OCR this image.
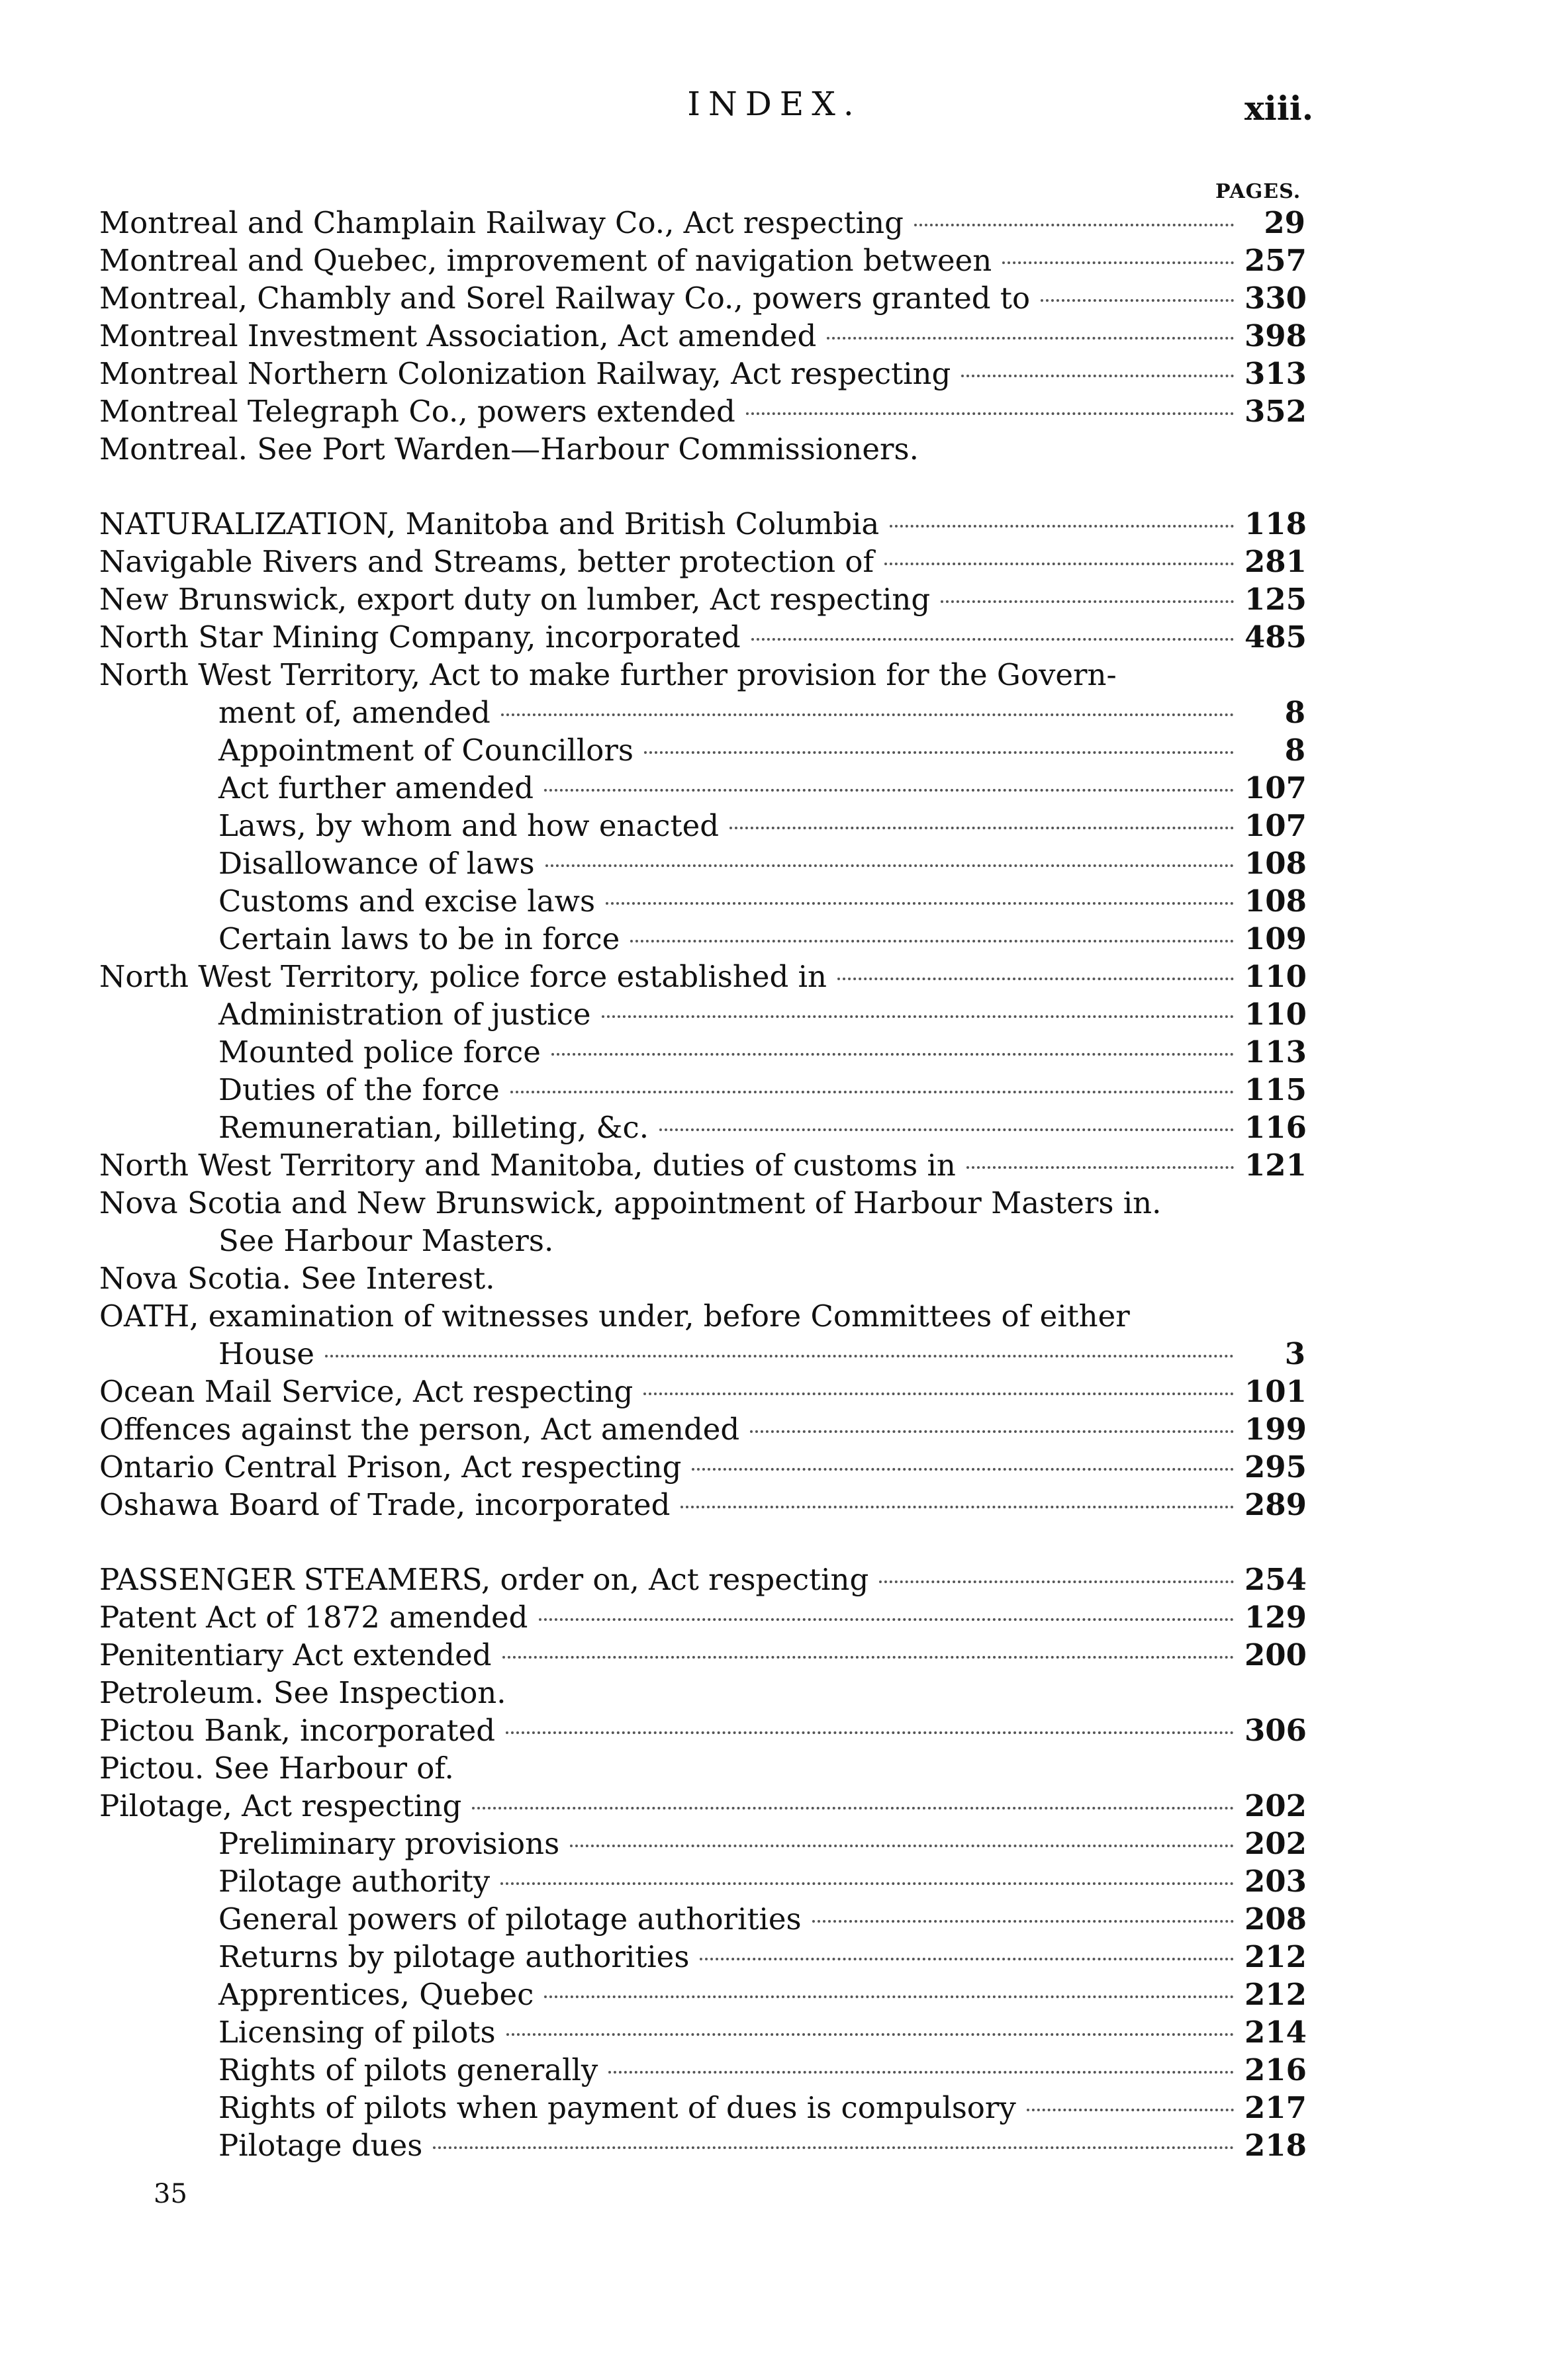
INDEX.	xiii.
PAGES.
Montreal and Champlain Railway Co., Act respecting	29
Montreal and Quebec, improvement of navigation between	257
Montreal, Chambly and Sorel Railway Co., powers granted to	330
Montreal Investment Association, Act amended	398
Montreal Northern Colonization Railway, Act respecting	313
Montreal Telegraph Co., powers extended	352
Montreal. See Port Warden—Harbour Commissioners.
NATURALIZATION, Manitoba and British Columbia	118
Navigable Rivers and Streams, better protection of	281
New Brunswick, export duty on lumber, Act respecting	125
North Star Mining Company, incorporated	485
North West Territory, Act to make further provision for the Govern-
ment of, amended	8
Appointment of Councillors	8
Act further amended	107
Laws, by whom and how enacted	107
Disallowance of laws	108
Customs and excise laws	108
Certain laws to be in force	109
North West Territory, police force established in	110
Administration of justice	110
Mounted police force	113
Duties of the force	115
Remuneratian, billeting, &c.	116
North West Territory and Manitoba, duties of customs in	121
Nova Scotia and New Brunswick, appointment of Harbour Masters in.
See Harbour Masters.
Nova Scotia. See Interest.
OATH, examination of witnesses under, before Committees of either
House	3
Ocean Mail Service, Act respecting	101
Offences against the person, Act amended	199
Ontario Central Prison, Act respecting	295
Oshawa Board of Trade, incorporated	289
PASSENGER STEAMERS, order on, Act respecting	254
Patent Act of 1872 amended	129
Penitentiary Act extended	200
Petroleum. See Inspection.
Pictou Bank, incorporated	306
Pictou. See Harbour of.
Pilotage, Act respecting	202
Preliminary provisions	202
Pilotage authority	203
General powers of pilotage authorities	208
Returns by pilotage authorities	212
Apprentices, Quebec	212
Licensing of pilots	214
Rights of pilots generally	216
Rights of pilots when payment of dues is compulsory	217
Pilotage dues	218
35
